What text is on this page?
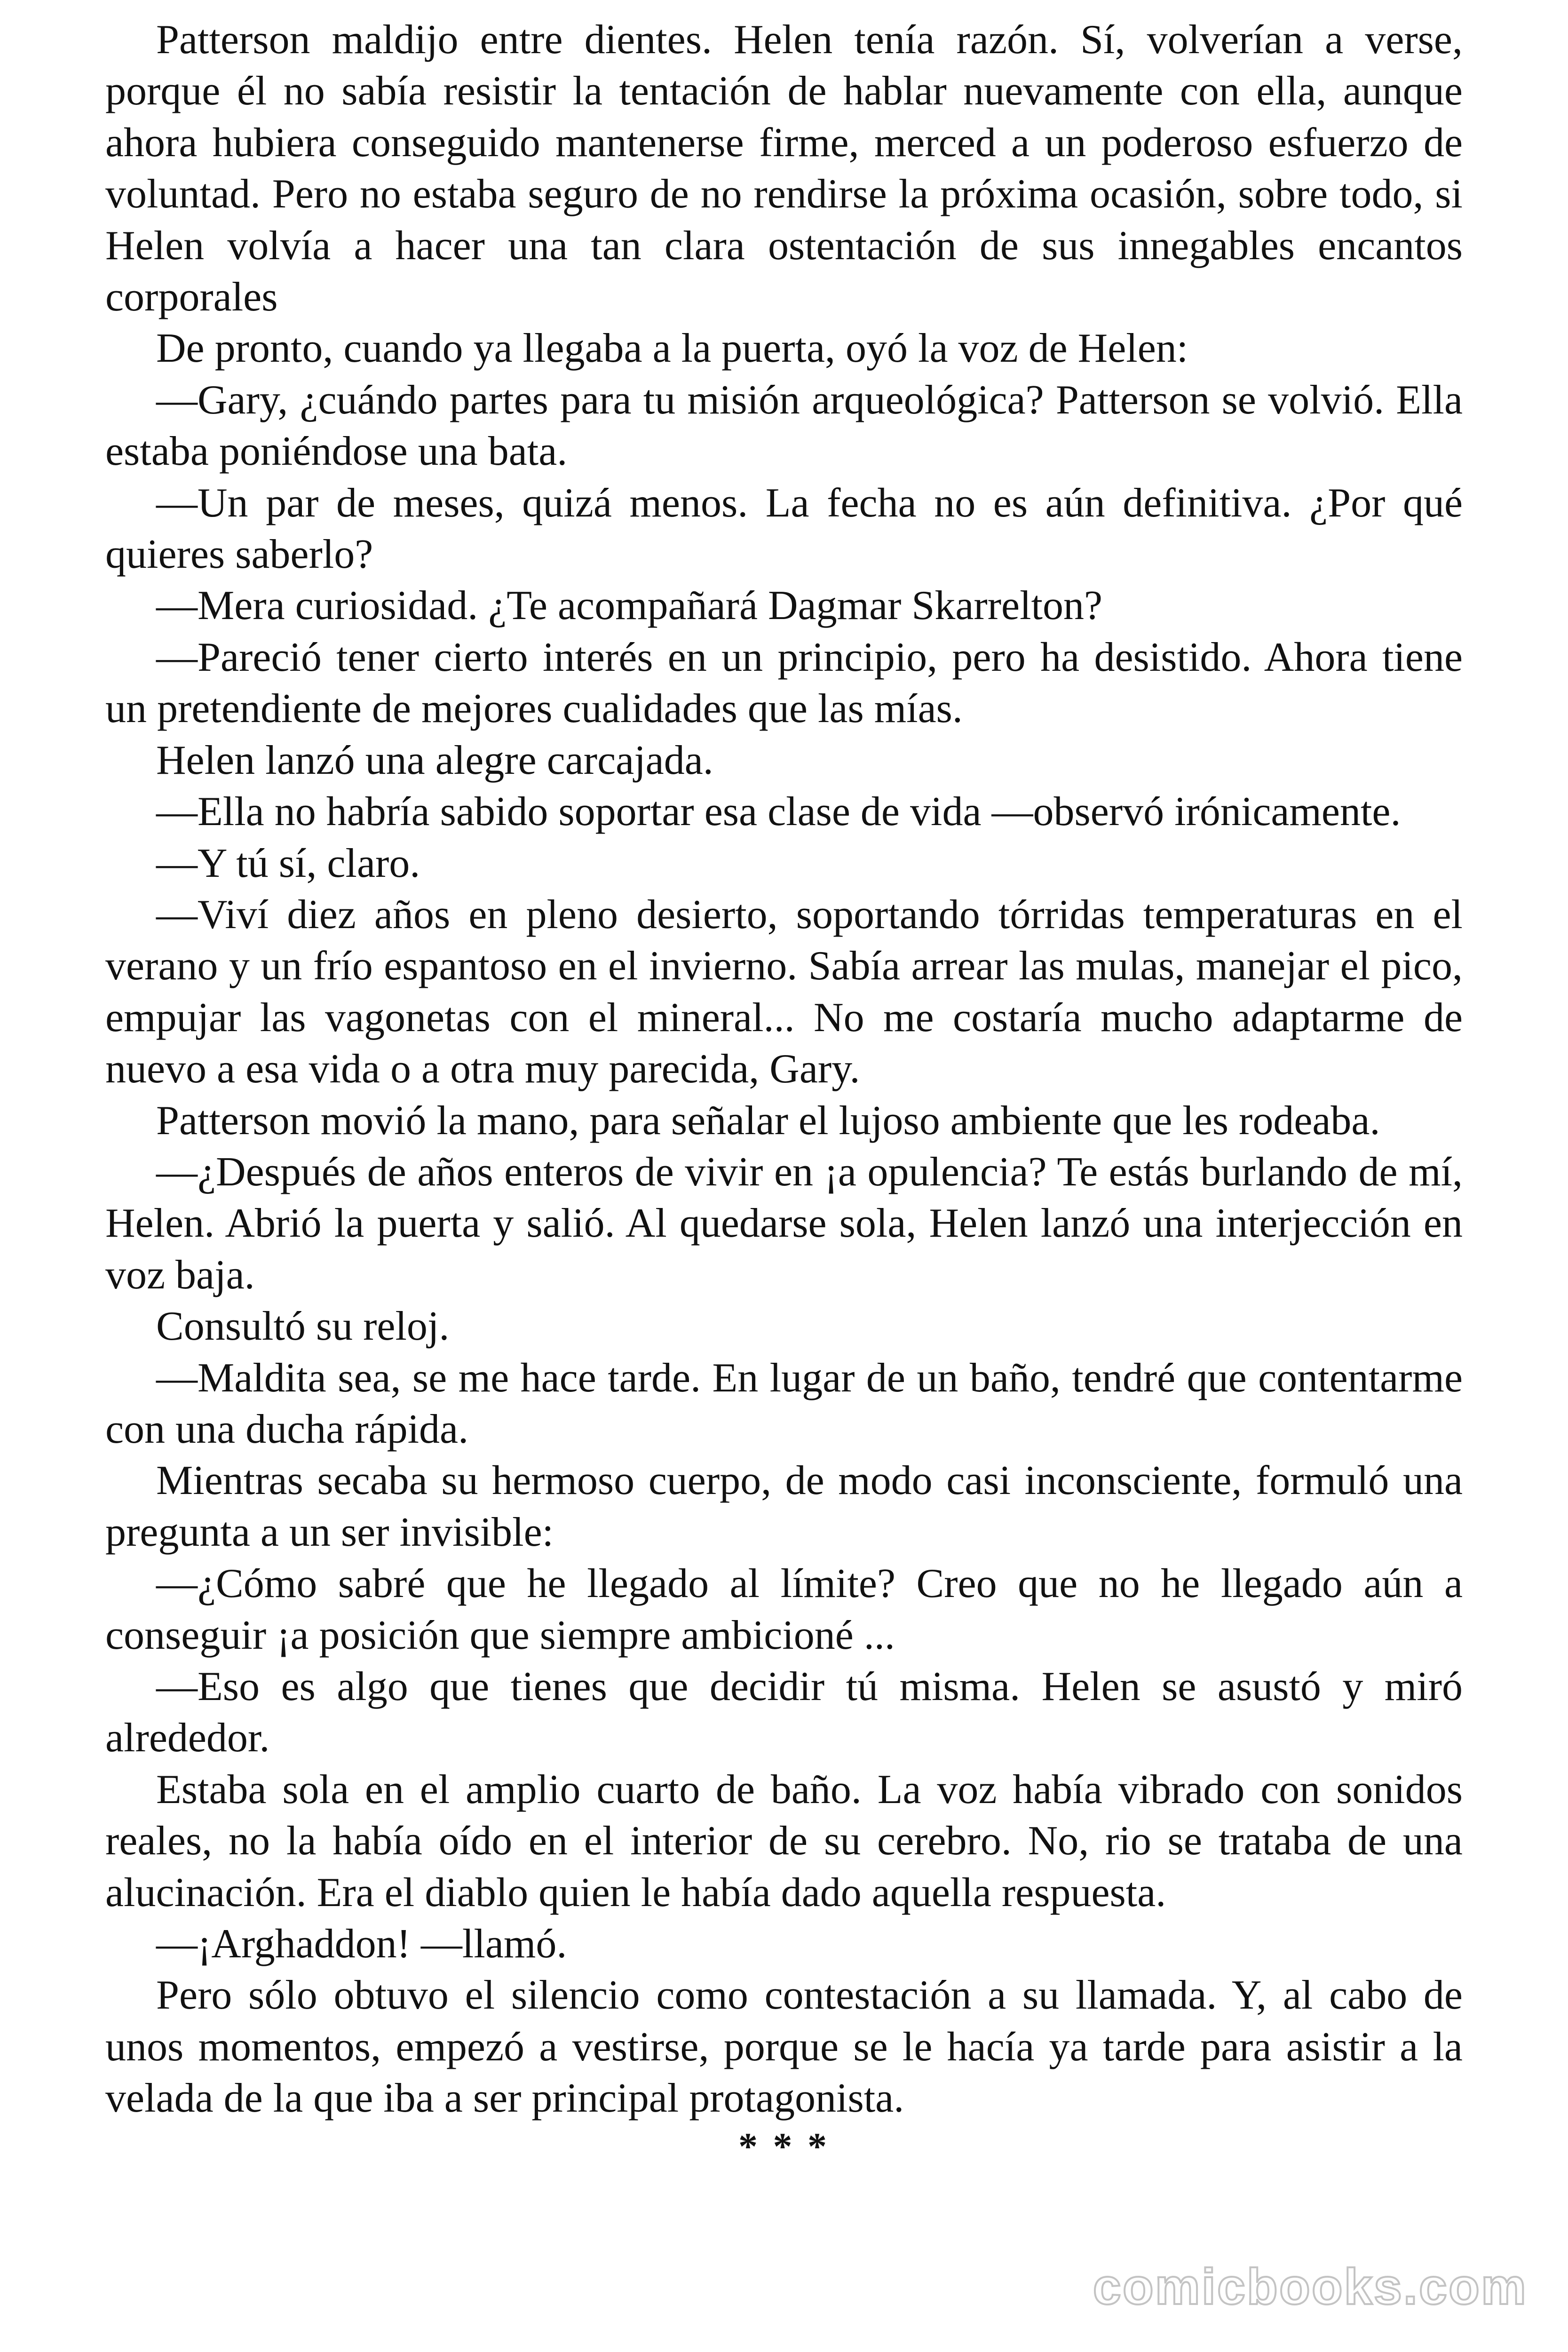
Patterson maldijo entre dientes. Helen tenía razón. Sí, volverían a verse, porque él no sabía resistir la tentación de hablar nuevamente con ella, aunque ahora hubiera conseguido mantenerse firme, merced a un poderoso esfuerzo de voluntad. Pero no estaba seguro de no rendirse la próxima ocasión, sobre todo, si Helen volvía a hacer una tan clara ostentación de sus innegables encantos corporales

De pronto, cuando ya llegaba a la puerta, oyó la voz de Helen:

—Gary, ¿cuándo partes para tu misión arqueológica? Patterson se volvió. Ella estaba poniéndose una bata.

—Un par de meses, quizá menos. La fecha no es aún definitiva. ¿Por qué quieres saberlo?

—Mera curiosidad. ¿Te acompañará Dagmar Skarrelton?

—Pareció tener cierto interés en un principio, pero ha desistido. Ahora tiene un pretendiente de mejores cualidades que las mías.

Helen lanzó una alegre carcajada.

—Ella no habría sabido soportar esa clase de vida —observó irónicamente.

—Y tú sí, claro.

—Viví diez años en pleno desierto, soportando tórridas temperaturas en el verano y un frío espantoso en el invierno. Sabía arrear las mulas, manejar el pico, empujar las vagonetas con el mineral... No me costaría mucho adaptarme de nuevo a esa vida o a otra muy parecida, Gary.

Patterson movió la mano, para señalar el lujoso ambiente que les rodeaba.

—¿Después de años enteros de vivir en ¡a opulencia? Te estás burlando de mí, Helen. Abrió la puerta y salió. Al quedarse sola, Helen lanzó una interjección en voz baja.

Consultó su reloj.

—Maldita sea, se me hace tarde. En lugar de un baño, tendré que contentarme con una ducha rápida.

Mientras secaba su hermoso cuerpo, de modo casi inconsciente, formuló una pregunta a un ser invisible:

—¿Cómo sabré que he llegado al límite? Creo que no he llegado aún a conseguir ¡a posición que siempre ambicioné ...

—Eso es algo que tienes que decidir tú misma. Helen se asustó y miró alrededor.

Estaba sola en el amplio cuarto de baño. La voz había vibrado con sonidos reales, no la había oído en el interior de su cerebro. No, rio se trataba de una alucinación. Era el diablo quien le había dado aquella respuesta.

—¡Arghaddon! —llamó.

Pero sólo obtuvo el silencio como contestación a su llamada. Y, al cabo de unos momentos, empezó a vestirse, porque se le hacía ya tarde para asistir a la velada de la que iba a ser principal protagonista.

* * *
comicbooks.com
